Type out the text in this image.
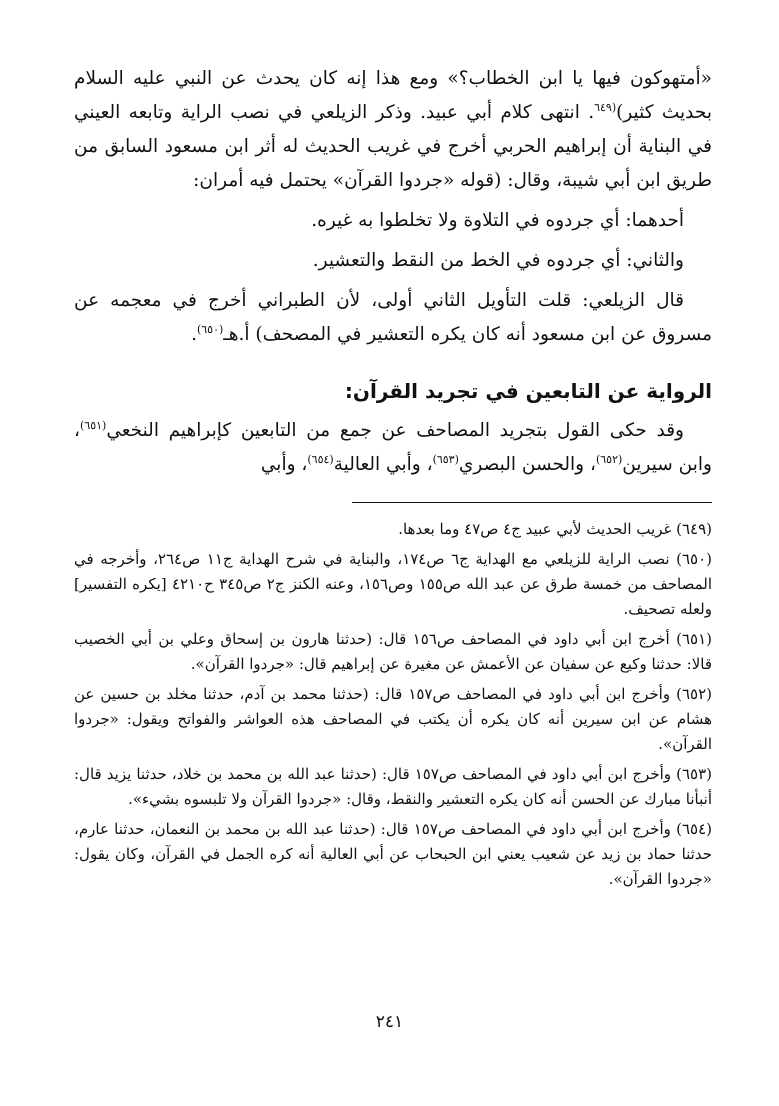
«أمتهوكون فيها يا ابن الخطاب؟» ومع هذا إنه كان يحدث عن النبي عليه السلام بحديث كثير)$^{(٦٤٩}$. انتهى كلام أبي عبيد. وذكر الزيلعي في نصب الراية وتابعه العيني في البناية أن إبراهيم الحربي أخرج في غريب الحديث له أثر ابن مسعود السابق من طريق ابن أبي شيبة، وقال: (قوله «جردوا القرآن» يحتمل فيه أمران:

أحدهما: أي جردوه في التلاوة ولا تخلطوا به غيره.

والثاني: أي جردوه في الخط من النقط والتعشير.

قال الزيلعي: قلت التأويل الثاني أولى، لأن الطبراني أخرج في معجمه عن مسروق عن ابن مسعود أنه كان يكره التعشير في المصحف) أ.هـ$^{(٦٥٠)}$.

الرواية عن التابعين في تجريد القرآن:

وقد حكى القول بتجريد المصاحف عن جمع من التابعين كإبراهيم النخعي$^{(٦٥١)}$، وابن سيرين$^{(٦٥٢)}$، والحسن البصري$^{(٦٥٣)}$، وأبي العالية$^{(٦٥٤)}$، وأبي

(٦٤٩) غريب الحديث لأبي عبيد ج٤ ص٤٧ وما بعدها.

(٦٥٠) نصب الراية للزيلعي مع الهداية ج٦ ص١٧٤، والبناية في شرح الهداية ج١١ ص٢٦٤، وأخرجه في المصاحف من خمسة طرق عن عبد الله ص١٥٥ وص١٥٦، وعنه الكنز ج٢ ص٣٤٥ ح٤٢١٠ [يكره التفسير] ولعله تصحيف.

(٦٥١) أخرج ابن أبي داود في المصاحف ص١٥٦ قال: (حدثنا هارون بن إسحاق وعلي بن أبي الخصيب قالا: حدثنا وكيع عن سفيان عن الأعمش عن مغيرة عن إبراهيم قال: «جردوا القرآن».

(٦٥٢) وأخرج ابن أبي داود في المصاحف ص١٥٧ قال: (حدثنا محمد بن آدم، حدثنا مخلد بن حسين عن هشام عن ابن سيرين أنه كان يكره أن يكتب في المصاحف هذه العواشر والفواتح ويقول: «جردوا القرآن».

(٦٥٣) وأخرج ابن أبي داود في المصاحف ص١٥٧ قال: (حدثنا عبد الله بن محمد بن خلاد، حدثنا يزيد قال: أنبأنا مبارك عن الحسن أنه كان يكره التعشير والنقط، وقال: «جردوا القرآن ولا تلبسوه بشيء».

(٦٥٤) وأخرج ابن أبي داود في المصاحف ص١٥٧ قال: (حدثنا عبد الله بن محمد بن النعمان، حدثنا عارم، حدثنا حماد بن زيد عن شعيب يعني ابن الحبحاب عن أبي العالية أنه كره الجمل في القرآن، وكان يقول: «جردوا القرآن».

٢٤١
